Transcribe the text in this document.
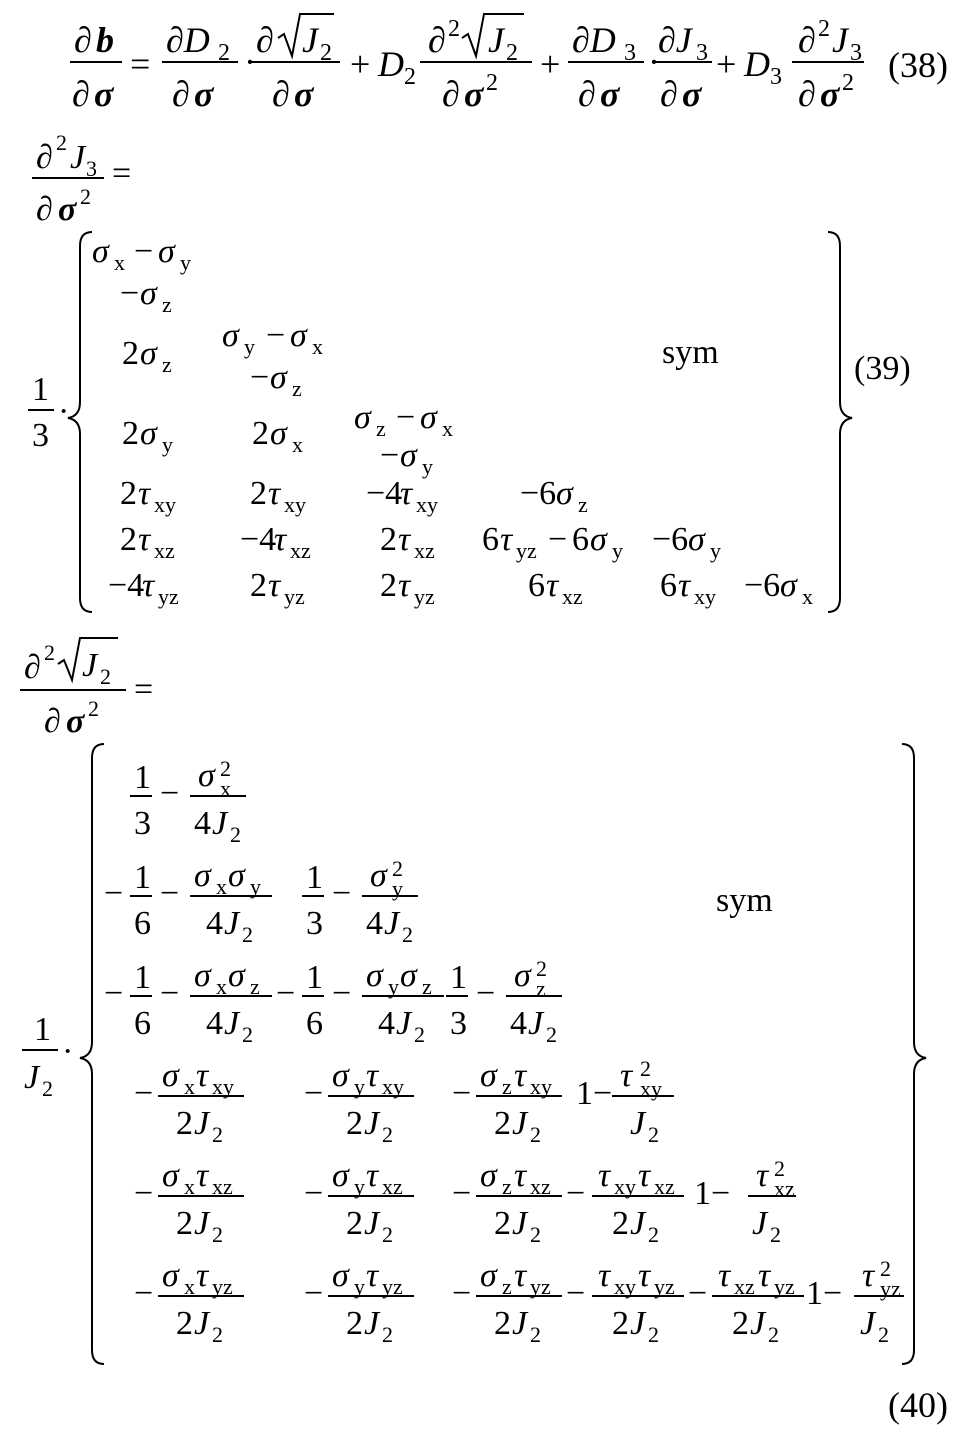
∂ b
∂ σ
=
∂D 2
∂ σ
·
∂ J 2
∂ σ
+ D 2
∂ 2 J 2
∂ σ 2 +
∂D 3
∂ σ
·
∂J 3
∂ σ
+ D 3
∂ 2 J 3
∂ σ 2 (38)
∂ 2 J 3
∂ σ 2
=
1
3
·
σ x − σ y
− σ z
2 σ z
σ y − σ x
− σ z
2 σ y 2 σ x
σ z − σ x
− σ y
2 τ xy 2 τ xy −4
τ xy −6 σ z
2 τ xz −4
τ xz 2 τ xz 6 τ yz − 6 σ y −6 σ y
−4
τ yz 2 τ yz 2 τ yz	6 τ xz 6 τ xy −6 σ x
sym	(39)
∂ 2 J 2
∂ σ 2
=
1
J 2
·
1
3
− σ 2
x
4 J 2
− 1
6
− σ x σ y
4 J 2
1
3
− σ 2
y
4 J 2
− 1
6
− σ x σ z
4 J 2
− 1
6
− σ y σ z
4 J 2
1
3
− σ 2
z
4 J 2
− σ x τ xy
2 J 2
− σ y τ xy
2 J 2
− σ z τ xy
2 J 2
1− τ 2
xy
J 2
− σ x τ xz
2 J 2
− σ y τ xz
2 J 2
− σ z τ xz
2 J 2
− τ xy τ xz
2 J 2
1− τ 2
xz
J 2
− σ x τ yz
2 J 2
− σ y τ yz
2 J 2
− σ z τ yz
2 J 2
− τ xy τ yz
2 J 2
− τ xz τ yz
2 J 2
1− τ 2
yz
J 2
sym
(40)
